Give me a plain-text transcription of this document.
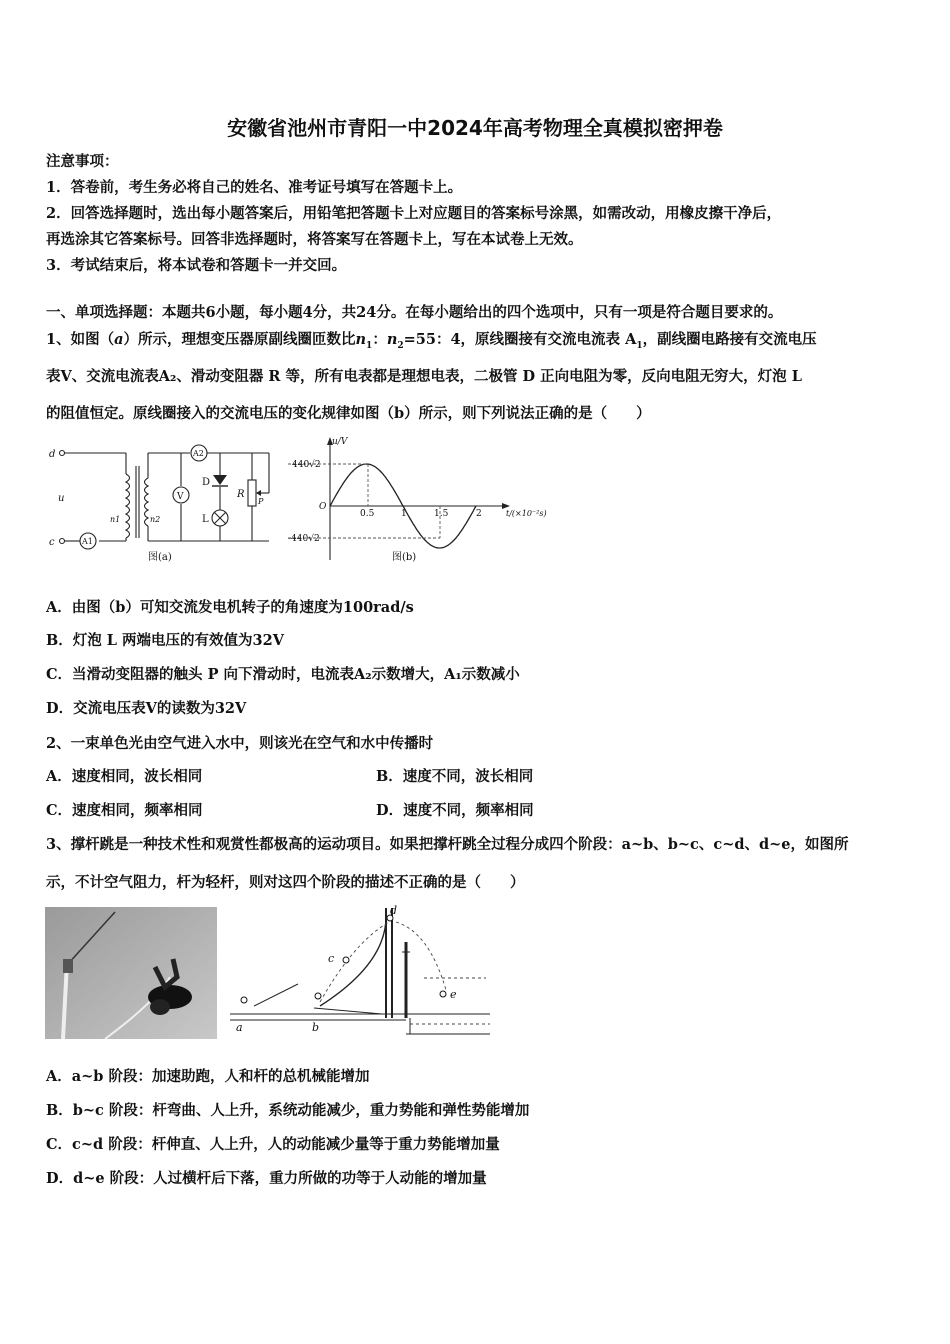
安徽省池州市青阳一中2024年高考物理全真模拟密押卷
注意事项：
1．答卷前，考生务必将自己的姓名、准考证号填写在答题卡上。
2．回答选择题时，选出每小题答案后，用铅笔把答题卡上对应题目的答案标号涂黑，如需改动，用橡皮擦干净后，
再选涂其它答案标号。回答非选择题时，将答案写在答题卡上，写在本试卷上无效。
3．考试结束后，将本试卷和答题卡一并交回。
一、单项选择题：本题共6小题，每小题4分，共24分。在每小题给出的四个选项中，只有一项是符合题目要求的。
1、如图（a）所示，理想变压器原副线圈匝数比$n_1$：$n_2=55$：4，原线圈接有交流电流表 $A_1$，副线圈电路接有交流电压
表V、交流电流表A₂、滑动变阻器 R 等，所有电表都是理想电表，二极管 D 正向电阻为零，反向电阻无穷大，灯泡 L
的阻值恒定。原线圈接入的交流电压的变化规律如图（b）所示，则下列说法正确的是（　　）
d
c
u
n1	n2
A1
A2
V
D
L
R
P
图(a)
u/V
t/(×10⁻²s)
440√2
-440√2
O
0.5	1	1.5	2
图(b)
A．由图（b）可知交流发电机转子的角速度为100rad/s
B．灯泡 L 两端电压的有效值为32V
C．当滑动变阻器的触头 P 向下滑动时，电流表A₂示数增大，A₁示数减小
D．交流电压表V的读数为32V
2、一束单色光由空气进入水中，则该光在空气和水中传播时
A．速度相同，波长相同	B．速度不同，波长相同
C．速度相同，频率相同	D．速度不同，频率相同
3、撑杆跳是一种技术性和观赏性都极高的运动项目。如果把撑杆跳全过程分成四个阶段：a~b、b~c、c~d、d~e，如图所
示，不计空气阻力，杆为轻杆，则对这四个阶段的描述不正确的是（　　）
a	b
c
d
e
A．a~b 阶段：加速助跑，人和杆的总机械能增加
B．b~c 阶段：杆弯曲、人上升，系统动能减少，重力势能和弹性势能增加
C．c~d 阶段：杆伸直、人上升，人的动能减少量等于重力势能增加量
D．d~e 阶段：人过横杆后下落，重力所做的功等于人动能的增加量
